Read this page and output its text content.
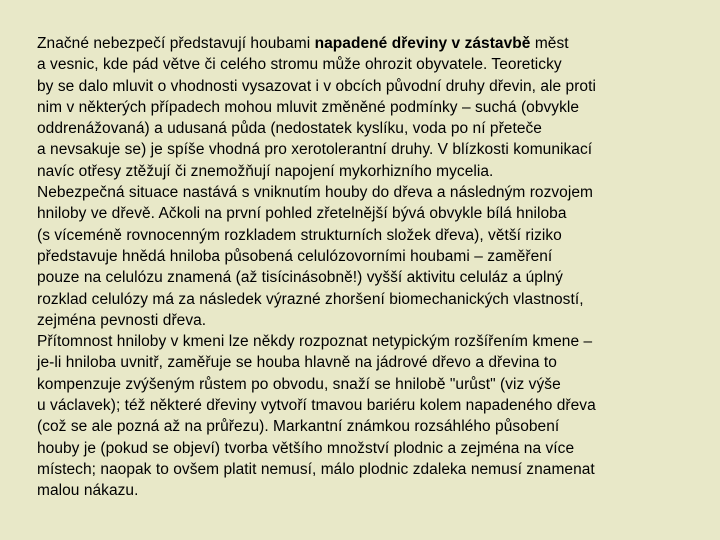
Značné nebezpečí představují houbami napadené dřeviny v zástavbě měst
a vesnic, kde pád větve či celého stromu může ohrozit obyvatele. Teoreticky
by se dalo mluvit o vhodnosti vysazovat i v obcích původní druhy dřevin, ale proti
nim v některých případech mohou mluvit změněné podmínky – suchá (obvykle
oddrenážovaná) a udusaná půda (nedostatek kyslíku, voda po ní přeteče
a nevsakuje se) je spíše vhodná pro xerotolerantní druhy. V blízkosti komunikací
navíc otřesy ztěžují či znemožňují napojení mykorhizního mycelia.

Nebezpečná situace nastává s vniknutím houby do dřeva a následným rozvojem
hniloby ve dřevě. Ačkoli na první pohled zřetelnější bývá obvykle bílá hniloba
(s víceméně rovnocenným rozkladem strukturních složek dřeva), větší riziko
představuje hnědá hniloba působená celulózovorními houbami – zaměření
pouze na celulózu znamená (až tisícinásobně!) vyšší aktivitu celuláz a úplný
rozklad celulózy má za následek výrazné zhoršení biomechanických vlastností,
zejména pevnosti dřeva.

Přítomnost hniloby v kmeni lze někdy rozpoznat netypickým rozšířením kmene –
je-li hniloba uvnitř, zaměřuje se houba hlavně na jádrové dřevo a dřevina to
kompenzuje zvýšeným růstem po obvodu, snaží se hnilobě "urůst" (viz výše
u václavek); též některé dřeviny vytvoří tmavou bariéru kolem napadeného dřeva
(což se ale pozná až na průřezu). Markantní známkou rozsáhlého působení
houby je (pokud se objeví) tvorba většího množství plodnic a zejména na více
místech; naopak to ovšem platit nemusí, málo plodnic zdaleka nemusí znamenat
malou nákazu.
